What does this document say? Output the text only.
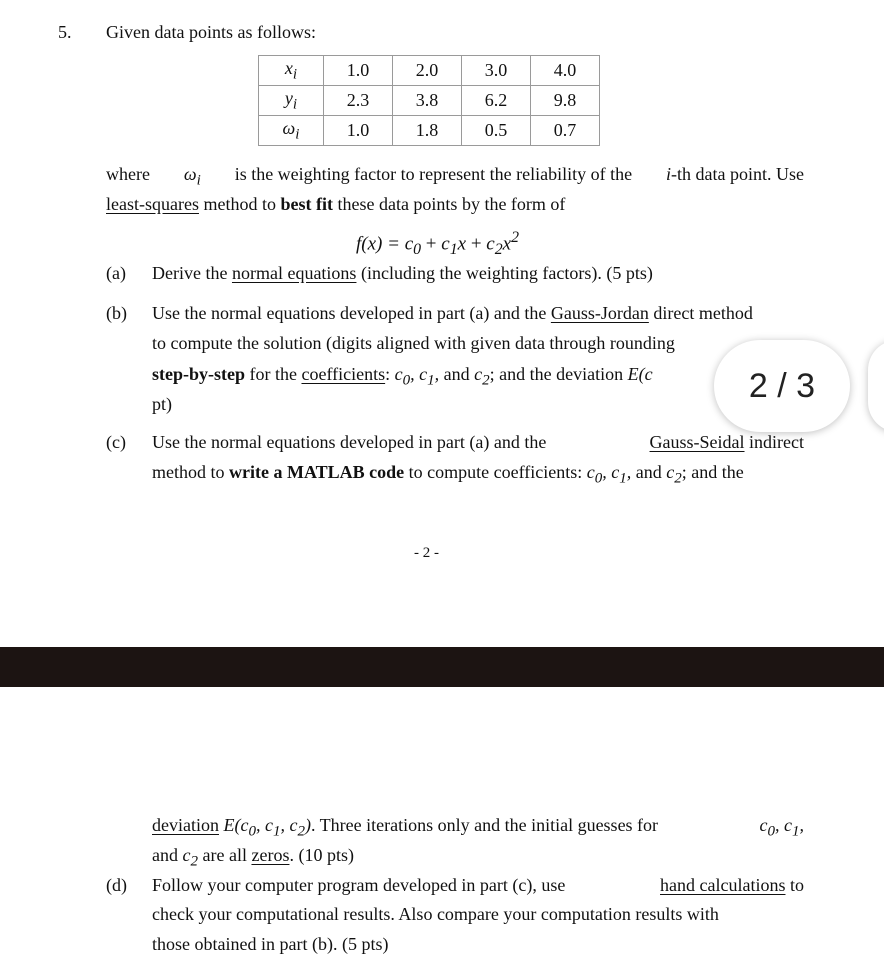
5. Given data points as follows:
$x_i$	1.0	2.0	3.0	4.0
$y_i$	2.3	3.8	6.2	9.8
$\omega_i$	1.0	1.8	0.5	0.7
where $\omega_i$ is the weighting factor to represent the reliability of the i-th data point. Use
least-squares method to best fit these data points by the form of
$f(x) = c_0 + c_1x + c_2x^2$
(a) Derive the normal equations (including the weighting factors). (5 pts)
(b) Use the normal equations developed in part (a) and the Gauss-Jordan direct method
to compute the solution (digits aligned with given data through rounding
step-by-step for the coefficients: $c_0$, $c_1$, and $c_2$; and the deviation E(c
pt)
(c) Use the normal equations developed in part (a) and the	Gauss-Seidal indirect
method to write a MATLAB code to compute coefficients: $c_0$, $c_1$, and $c_2$; and the
- 2 -
2 / 3
deviation $E(c_0$, $c_1$, $c_2$). Three iterations only and the initial guesses for	$c_0$, $c_1$,
and $c_2$ are all zeros. (10 pts)
(d) Follow your computer program developed in part (c), use	hand calculations to
check your computational results. Also compare your computation results with
those obtained in part (b). (5 pts)
